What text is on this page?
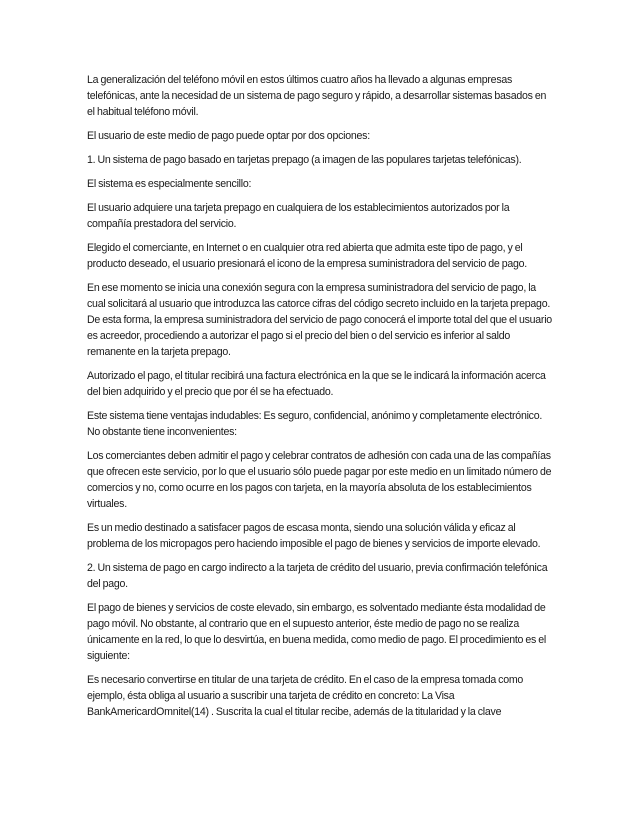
La generalización del teléfono móvil en estos últimos cuatro años ha llevado a algunas empresas telefónicas, ante la necesidad de un sistema de pago seguro y rápido, a desarrollar sistemas basados en el habitual teléfono móvil.

El usuario de este medio de pago puede optar por dos opciones:

1. Un sistema de pago basado en tarjetas prepago (a imagen de las populares tarjetas telefónicas).

El sistema es especialmente sencillo:

El usuario adquiere una tarjeta prepago en cualquiera de los establecimientos autorizados por la compañía prestadora del servicio.

Elegido el comerciante, en Internet o en cualquier otra red abierta que admita este tipo de pago, y el producto deseado, el usuario presionará el icono de la empresa suministradora del servicio de pago.

En ese momento se inicia una conexión segura con la empresa suministradora del servicio de pago, la cual solicitará al usuario que introduzca las catorce cifras del código secreto incluido en la tarjeta prepago. De esta forma, la empresa suministradora del servicio de pago conocerá el importe total del que el usuario es acreedor, procediendo a autorizar el pago si el precio del bien o del servicio es inferior al saldo remanente en la tarjeta prepago.

Autorizado el pago, el titular recibirá una factura electrónica en la que se le indicará la información acerca del bien adquirido y el precio que por él se ha efectuado.

Este sistema tiene ventajas indudables: Es seguro, confidencial, anónimo y completamente electrónico. No obstante tiene inconvenientes:

Los comerciantes deben admitir el pago y celebrar contratos de adhesión con cada una de las compañías que ofrecen este servicio, por lo que el usuario sólo puede pagar por este medio en un limitado número de comercios y no, como ocurre en los pagos con tarjeta, en la mayoría absoluta de los establecimientos virtuales.

Es un medio destinado a satisfacer pagos de escasa monta, siendo una solución válida y eficaz al problema de los micropagos pero haciendo imposible el pago de bienes y servicios de importe elevado.

2. Un sistema de pago en cargo indirecto a la tarjeta de crédito del usuario, previa confirmación telefónica del pago.

El pago de bienes y servicios de coste elevado, sin embargo, es solventado mediante ésta modalidad de pago móvil. No obstante, al contrario que en el supuesto anterior, éste medio de pago no se realiza únicamente en la red, lo que lo desvirtúa, en buena medida, como medio de pago. El procedimiento es el siguiente:

Es necesario convertirse en titular de una tarjeta de crédito. En el caso de la empresa tomada como ejemplo, ésta obliga al usuario a suscribir una tarjeta de crédito en concreto: La Visa BankAmericardOmnitel(14) . Suscrita la cual el titular recibe, además de la titularidad y la clave
